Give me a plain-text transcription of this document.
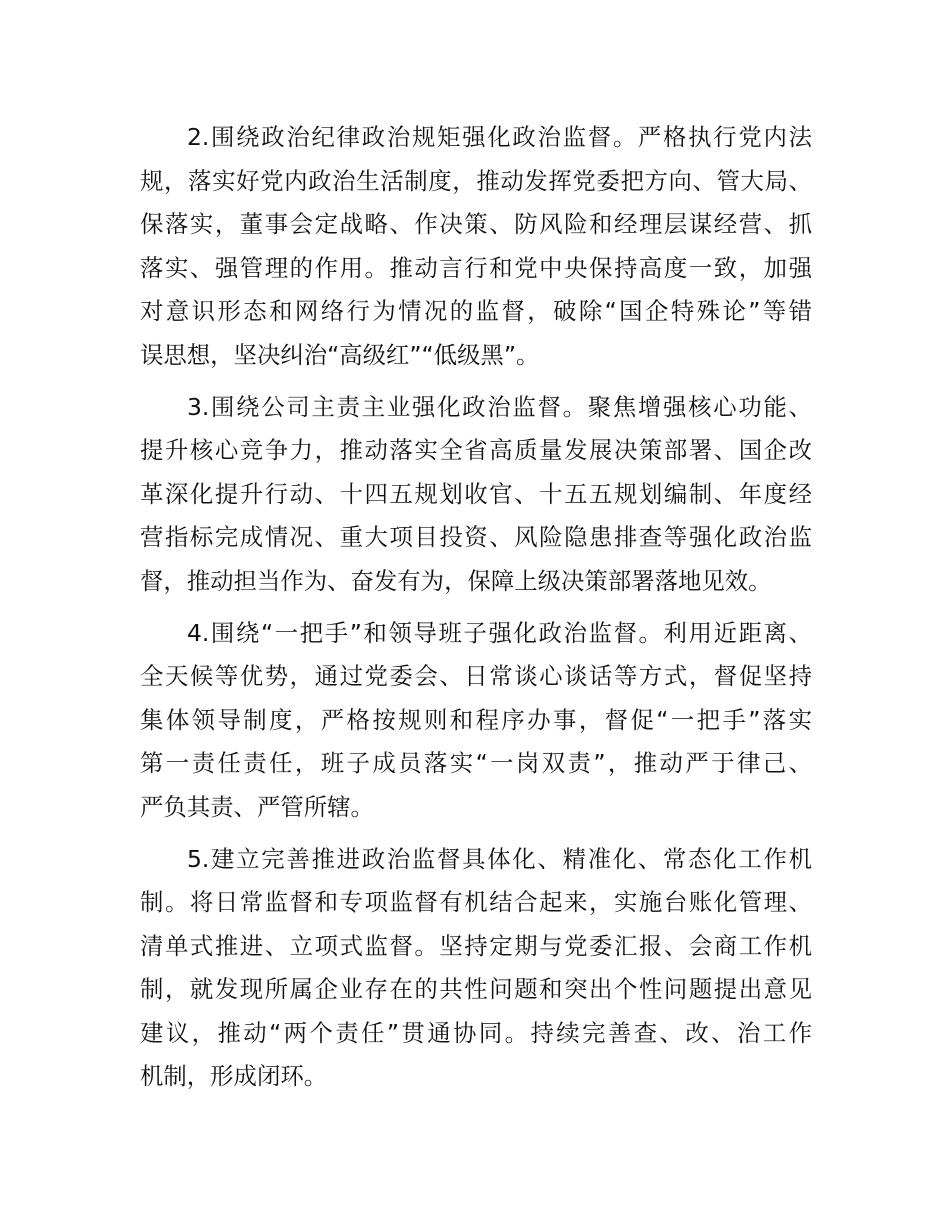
2.围绕政治纪律政治规矩强化政治监督。严格执行党内法
规，落实好党内政治生活制度，推动发挥党委把方向、管大局、
保落实，董事会定战略、作决策、防风险和经理层谋经营、抓
落实、强管理的作用。推动言行和党中央保持高度一致，加强
对意识形态和网络行为情况的监督，破除“国企特殊论”等错
误思想，坚决纠治“高级红”“低级黑”。

3.围绕公司主责主业强化政治监督。聚焦增强核心功能、
提升核心竞争力，推动落实全省高质量发展决策部署、国企改
革深化提升行动、十四五规划收官、十五五规划编制、年度经
营指标完成情况、重大项目投资、风险隐患排查等强化政治监
督，推动担当作为、奋发有为，保障上级决策部署落地见效。

4.围绕“一把手”和领导班子强化政治监督。利用近距离、
全天候等优势，通过党委会、日常谈心谈话等方式，督促坚持
集体领导制度，严格按规则和程序办事，督促“一把手”落实
第一责任责任，班子成员落实“一岗双责”，推动严于律己、
严负其责、严管所辖。

5.建立完善推进政治监督具体化、精准化、常态化工作机
制。将日常监督和专项监督有机结合起来，实施台账化管理、
清单式推进、立项式监督。坚持定期与党委汇报、会商工作机
制，就发现所属企业存在的共性问题和突出个性问题提出意见
建议，推动“两个责任”贯通协同。持续完善查、改、治工作
机制，形成闭环。
